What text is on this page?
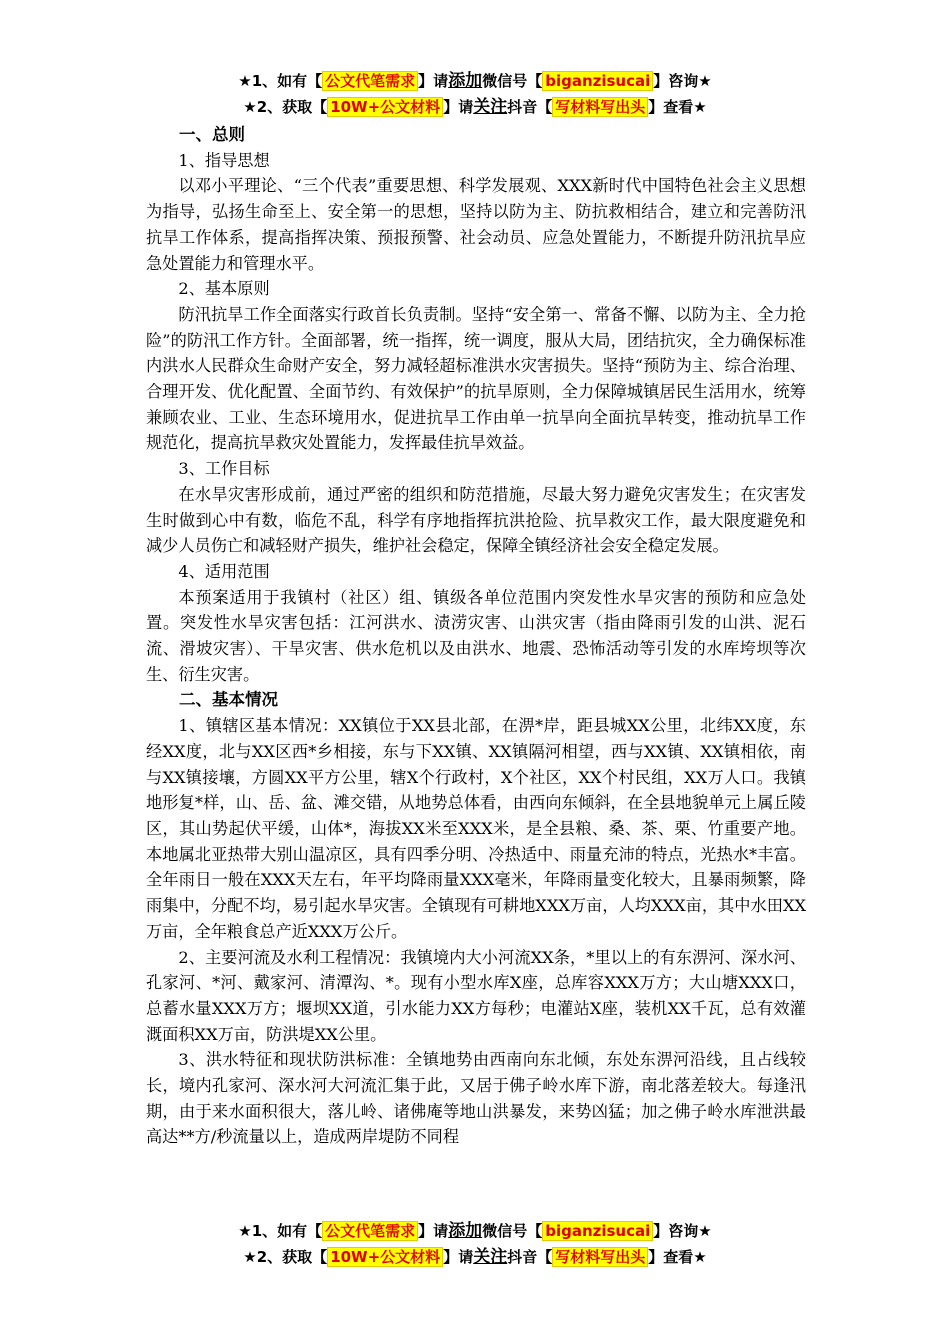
★1、如有【 公文代笔需求 】请添加微信号【 biganzisucai 】咨询★
★2、获取【 10W+公文材料 】请关注抖音【 写材料写出头 】查看★

一、总则

1、指导思想

以邓小平理论、“三个代表”重要思想、科学发展观、XXX新时代中国特色社会主义思想为指导，弘扬生命至上、安全第一的思想，坚持以防为主、防抗救相结合，建立和完善防汛抗旱工作体系，提高指挥决策、预报预警、社会动员、应急处置能力，不断提升防汛抗旱应急处置能力和管理水平。

2、基本原则

防汛抗旱工作全面落实行政首长负责制。坚持“安全第一、常备不懈、以防为主、全力抢险”的防汛工作方针。全面部署，统一指挥，统一调度，服从大局，团结抗灾，全力确保标准内洪水人民群众生命财产安全，努力减轻超标准洪水灾害损失。坚持“预防为主、综合治理、合理开发、优化配置、全面节约、有效保护”的抗旱原则，全力保障城镇居民生活用水，统筹兼顾农业、工业、生态环境用水，促进抗旱工作由单一抗旱向全面抗旱转变，推动抗旱工作规范化，提高抗旱救灾处置能力，发挥最佳抗旱效益。

3、工作目标

在水旱灾害形成前，通过严密的组织和防范措施，尽最大努力避免灾害发生；在灾害发生时做到心中有数，临危不乱，科学有序地指挥抗洪抢险、抗旱救灾工作，最大限度避免和减少人员伤亡和减轻财产损失，维护社会稳定，保障全镇经济社会安全稳定发展。

4、适用范围

本预案适用于我镇村（社区）组、镇级各单位范围内突发性水旱灾害的预防和应急处置。突发性水旱灾害包括：江河洪水、渍涝灾害、山洪灾害（指由降雨引发的山洪、泥石流、滑坡灾害）、干旱灾害、供水危机以及由洪水、地震、恐怖活动等引发的水库垮坝等次生、衍生灾害。

二、基本情况

1、镇辖区基本情况：XX镇位于XX县北部，在淠*岸，距县城XX公里，北纬XX度，东经XX度，北与XX区西*乡相接，东与下XX镇、XX镇隔河相望，西与XX镇、XX镇相依，南与XX镇接壤，方圆XX平方公里，辖X个行政村，X个社区，XX个村民组，XX万人口。我镇地形复*样，山、岳、盆、滩交错，从地势总体看，由西向东倾斜，在全县地貌单元上属丘陵区，其山势起伏平缓，山体*，海拔XX米至XXX米，是全县粮、桑、茶、栗、竹重要产地。本地属北亚热带大别山温凉区，具有四季分明、冷热适中、雨量充沛的特点，光热水*丰富。全年雨日一般在XXX天左右，年平均降雨量XXX毫米，年降雨量变化较大，且暴雨频繁，降雨集中，分配不均，易引起水旱灾害。全镇现有可耕地XXX万亩，人均XXX亩，其中水田XX万亩，全年粮食总产近XXX万公斤。

2、主要河流及水利工程情况：我镇境内大小河流XX条，*里以上的有东淠河、深水河、孔家河、*河、戴家河、清潭沟、*。现有小型水库X座，总库容XXX万方；大山塘XXX口，总蓄水量XXX万方；堰坝XX道，引水能力XX方每秒；电灌站X座，装机XX千瓦，总有效灌溉面积XX万亩，防洪堤XX公里。

3、洪水特征和现状防洪标准：全镇地势由西南向东北倾，东处东淠河沿线，且占线较长，境内孔家河、深水河大河流汇集于此，又居于佛子岭水库下游，南北落差较大。每逢汛期，由于来水面积很大，落儿岭、诸佛庵等地山洪暴发，来势凶猛；加之佛子岭水库泄洪最高达**方/秒流量以上，造成两岸堤防不同程

★1、如有【 公文代笔需求 】请添加微信号【 biganzisucai 】咨询★
★2、获取【 10W+公文材料 】请关注抖音【 写材料写出头 】查看★
